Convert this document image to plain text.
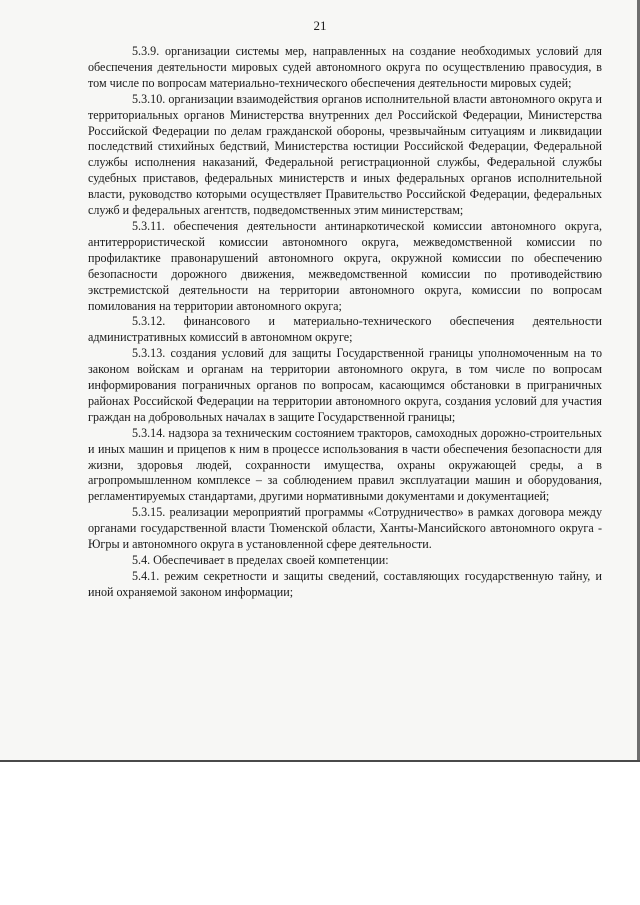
21

5.3.9. организации системы мер, направленных на создание необходимых условий для обеспечения деятельности мировых судей автономного округа по осуществлению правосудия, в том числе по вопросам материально-технического обеспечения деятельности мировых судей;

5.3.10. организации взаимодействия органов исполнительной власти автономного округа и территориальных органов Министерства внутренних дел Российской Федерации, Министерства Российской Федерации по делам гражданской обороны, чрезвычайным ситуациям и ликвидации последствий стихийных бедствий, Министерства юстиции Российской Федерации, Федеральной службы исполнения наказаний, Федеральной регистрационной службы, Федеральной службы судебных приставов, федеральных министерств и иных федеральных органов исполнительной власти, руководство которыми осуществляет Правительство Российской Федерации, федеральных служб и федеральных агентств, подведомственных этим министерствам;

5.3.11. обеспечения деятельности антинаркотической комиссии автономного округа, антитеррористической комиссии автономного округа, межведомственной комиссии по профилактике правонарушений автономного округа, окружной комиссии по обеспечению безопасности дорожного движения, межведомственной комиссии по противодействию экстремистской деятельности на территории автономного округа, комиссии по вопросам помилования на территории автономного округа;

5.3.12. финансового и материально-технического обеспечения деятельности административных комиссий в автономном округе;

5.3.13. создания условий для защиты Государственной границы уполномоченным на то законом войскам и органам на территории автономного округа, в том числе по вопросам информирования пограничных органов по вопросам, касающимся обстановки в приграничных районах Российской Федерации на территории автономного округа, создания условий для участия граждан на добровольных началах в защите Государственной границы;

5.3.14. надзора за техническим состоянием тракторов, самоходных дорожно-строительных и иных машин и прицепов к ним в процессе использования в части обеспечения безопасности для жизни, здоровья людей, сохранности имущества, охраны окружающей среды, а в агропромышленном комплексе – за соблюдением правил эксплуатации машин и оборудования, регламентируемых стандартами, другими нормативными документами и документацией;

5.3.15. реализации мероприятий программы «Сотрудничество» в рамках договора между органами государственной власти Тюменской области, Ханты-Мансийского автономного округа - Югры и автономного округа в установленной сфере деятельности.

5.4. Обеспечивает в пределах своей компетенции:

5.4.1. режим секретности и защиты сведений, составляющих государственную тайну, и иной охраняемой законом информации;
